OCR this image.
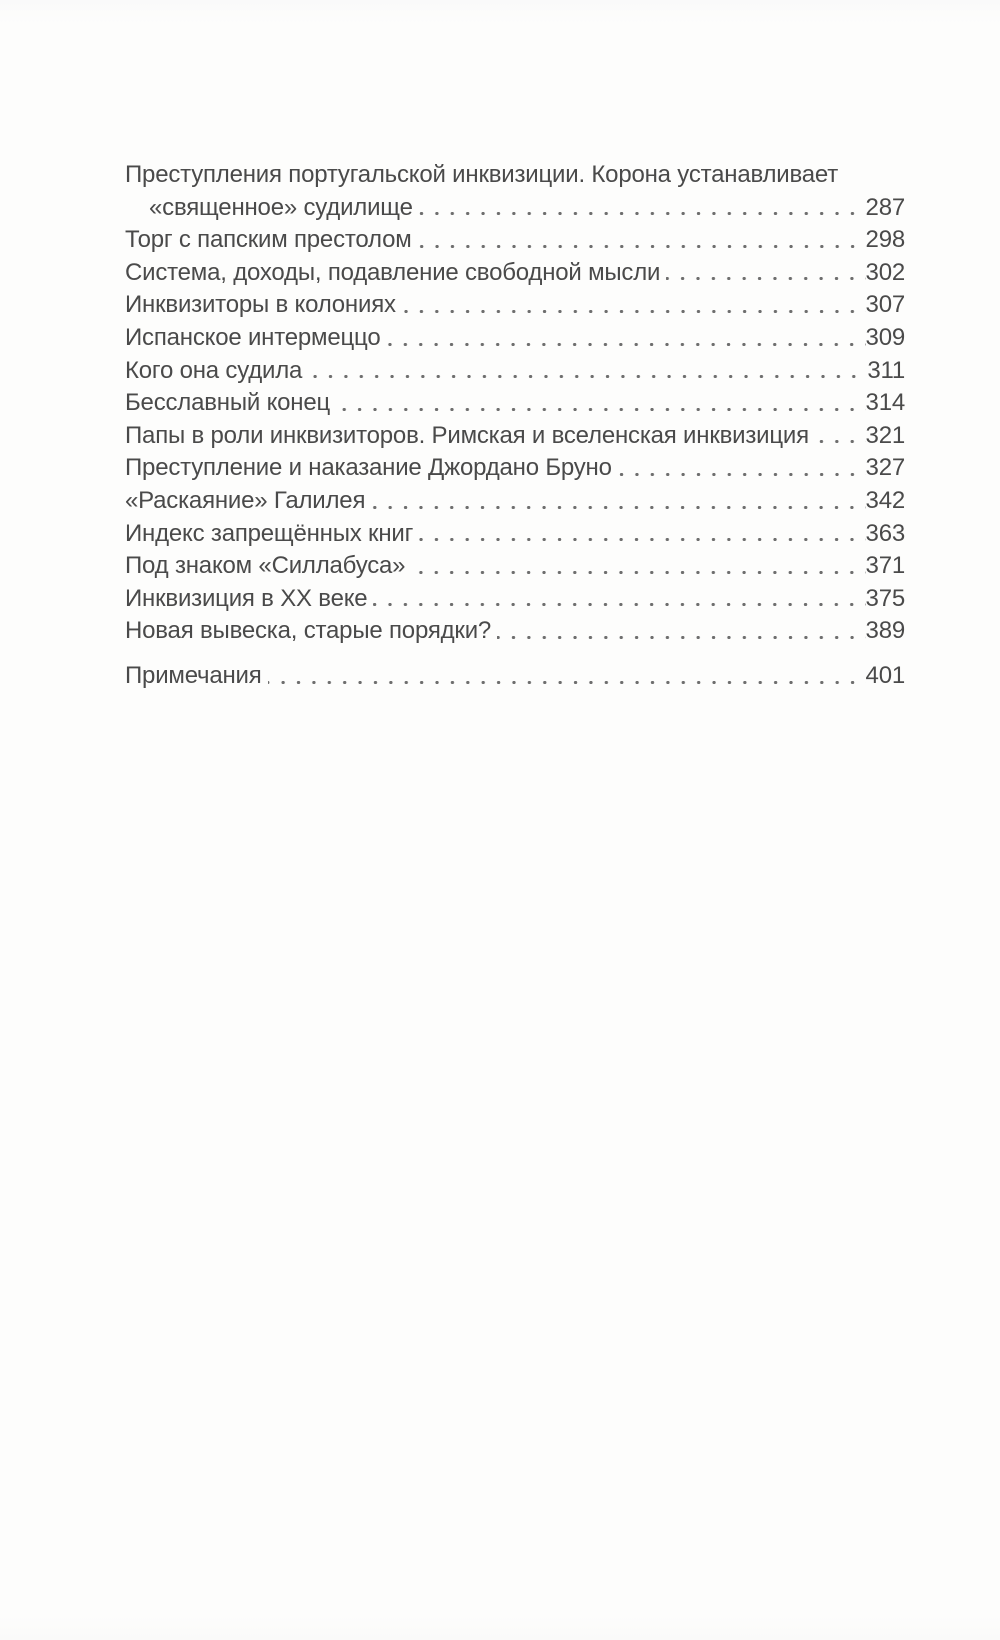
Преступления португальской инквизиции. Корона устанавливает
«священное» судилище	287
Торг с папским престолом	298
Система, доходы, подавление свободной мысли	302
Инквизиторы в колониях	307
Испанское интермеццо	309
Кого она судила	311
Бесславный конец	314
Папы в роли инквизиторов. Римская и вселенская инквизиция 321
Преступление и наказание Джордано Бруно	327
«Раскаяние» Галилея	342
Индекс запрещённых книг	363
Под знаком «Силлабуса»	371
Инквизиция в XX веке	375
Новая вывеска, старые порядки?	389
Примечания	401
